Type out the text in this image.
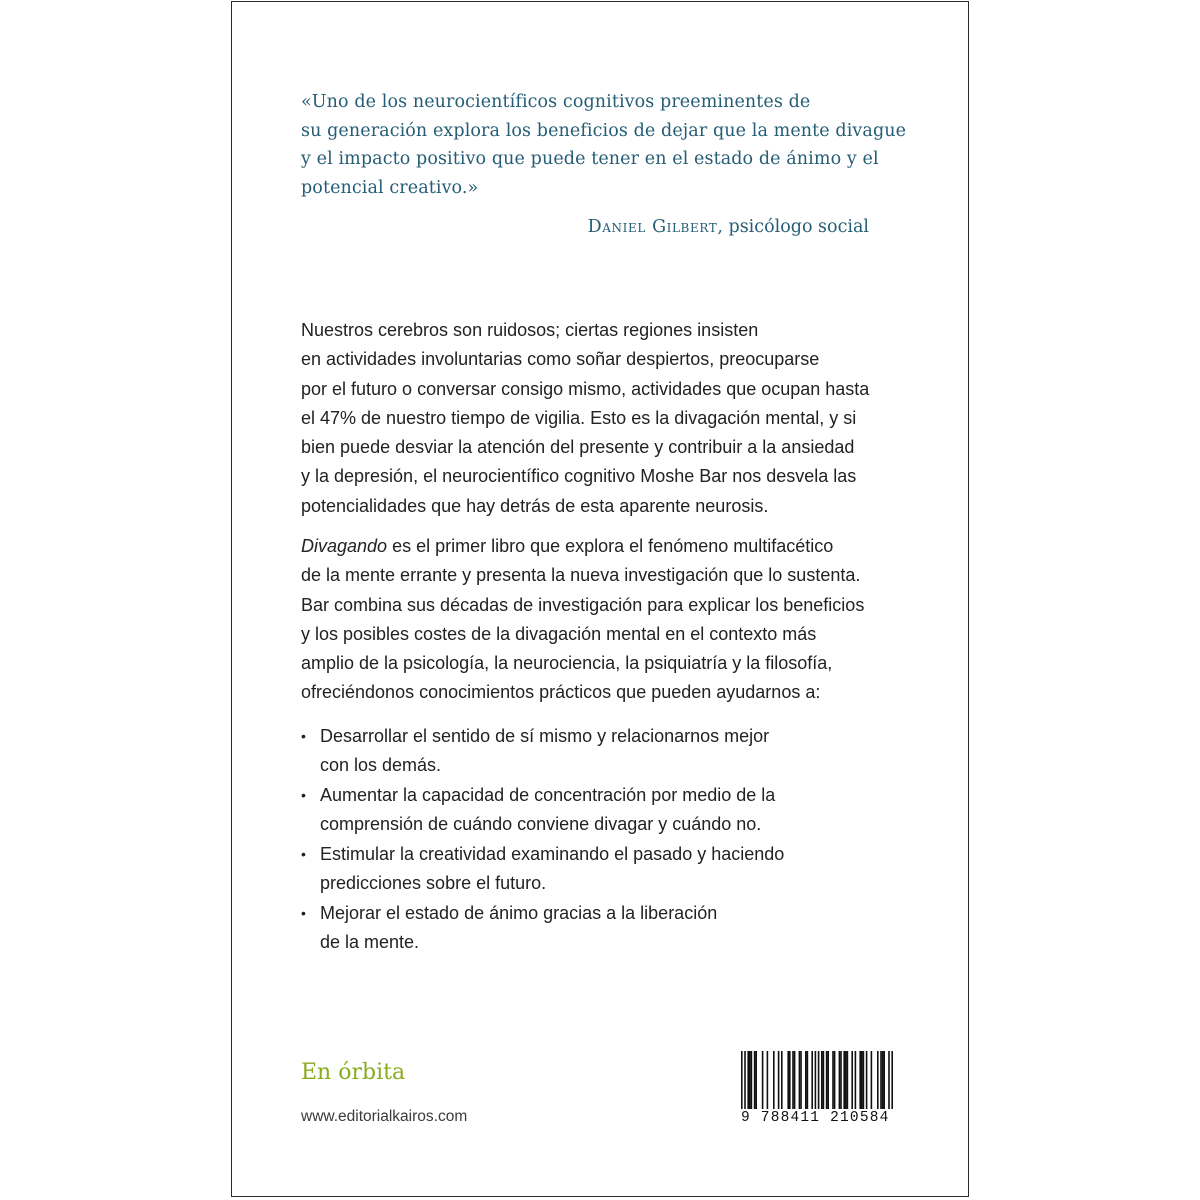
«Uno de los neurocientíficos cognitivos preeminentes de
su generación explora los beneficios de dejar que la mente divague
y el impacto positivo que puede tener en el estado de ánimo y el
potencial creativo.»
Daniel Gilbert, psicólogo social
Nuestros cerebros son ruidosos; ciertas regiones insisten
en actividades involuntarias como soñar despiertos, preocuparse
por el futuro o conversar consigo mismo, actividades que ocupan hasta
el 47% de nuestro tiempo de vigilia. Esto es la divagación mental, y si
bien puede desviar la atención del presente y contribuir a la ansiedad
y la depresión, el neurocientífico cognitivo Moshe Bar nos desvela las
potencialidades que hay detrás de esta aparente neurosis.
Divagando es el primer libro que explora el fenómeno multifacético
de la mente errante y presenta la nueva investigación que lo sustenta.
Bar combina sus décadas de investigación para explicar los beneficios
y los posibles costes de la divagación mental en el contexto más
amplio de la psicología, la neurociencia, la psiquiatría y la filosofía,
ofreciéndonos conocimientos prácticos que pueden ayudarnos a:
• Desarrollar el sentido de sí mismo y relacionarnos mejor
con los demás.
• Aumentar la capacidad de concentración por medio de la
comprensión de cuándo conviene divagar y cuándo no.
• Estimular la creatividad examinando el pasado y haciendo
predicciones sobre el futuro.
• Mejorar el estado de ánimo gracias a la liberación
de la mente.
En órbita
www.editorialkairos.com	9 788411 210584
